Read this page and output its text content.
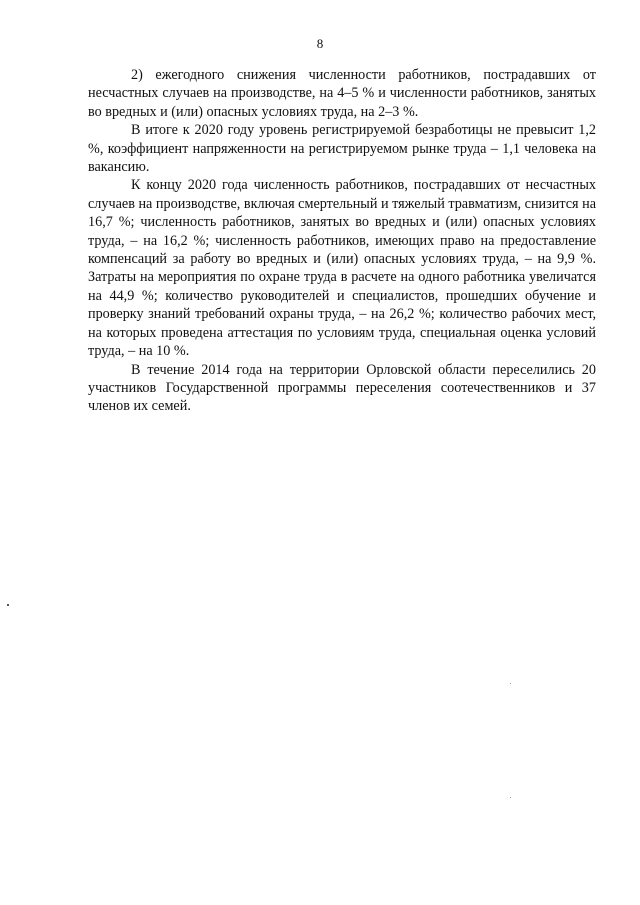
8

2) ежегодного снижения численности работников, пострадавших от несчастных случаев на производстве, на 4–5 % и численности работников, занятых во вредных и (или) опасных условиях труда, на 2–3 %.

В итоге к 2020 году уровень регистрируемой безработицы не превысит 1,2 %, коэффициент напряженности на регистрируемом рынке труда – 1,1 человека на вакансию.

К концу 2020 года численность работников, пострадавших от несчастных случаев на производстве, включая смертельный и тяжелый травматизм, снизится на 16,7 %; численность работников, занятых во вредных и (или) опасных условиях труда, – на 16,2 %; численность работников, имеющих право на предоставление компенсаций за работу во вредных и (или) опасных условиях труда, – на 9,9 %. Затраты на мероприятия по охране труда в расчете на одного работника увеличатся на 44,9 %; количество руководителей и специалистов, прошедших обучение и проверку знаний требований охраны труда, – на 26,2 %; количество рабочих мест, на которых проведена аттестация по условиям труда, специальная оценка условий труда, – на 10 %.

В течение 2014 года на территории Орловской области переселились 20 участников Государственной программы переселения соотечественников и 37 членов их семей.
